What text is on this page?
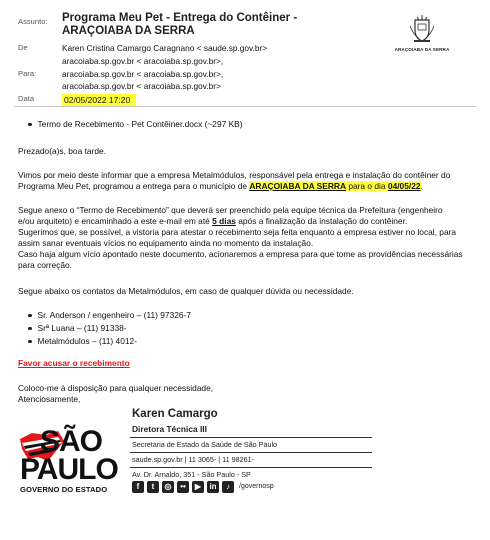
Assunto:	Programa Meu Pet - Entrega do Contêiner -
ARAÇOIABA DA SERRA
De	Karen Cristina Camargo Caragnano < saude.sp.gov.br>
aracoiaba.sp.gov.br < aracoiaba.sp.gov.br>,
Para:	aracoiaba.sp.gov.br < aracoiaba.sp.gov.br>,
aracoiaba.sp.gov.br < aracoiaba.sp.gov.br>
Data	02/05/2022 17:20
ARAÇOIABA DA SERRA
Termo de Recebimento - Pet Contêiner.docx (~297 KB)

Prezado(a)s, boa tarde.

Vimos por meio deste informar que a empresa Metalmódulos, responsável pela entrega e instalação do contêiner do

Programa Meu Pet, programou a entrega para o município de ARAÇOIABA DA SERRA para o dia 04/05/22.

Segue anexo o “Termo de Recebimento” que deverá ser preenchido pela equipe técnica da Prefeitura (engenheiro

e/ou arquiteto) e encaminhado a este e-mail em até 5 dias após a finalização da instalação do contêiner.

Sugerimos que, se possível, a vistoria para atestar o recebimento seja feita enquanto a empresa estiver no local, para

assim sanar eventuais vícios no equipamento ainda no momento da instalação.

Caso haja algum vício apontado neste documento, acionaremos a empresa para que tome as providências necessárias

para correção.

Segue abaixo os contatos da Metalmódulos, em caso de qualquer dúvida ou necessidade.

Sr. Anderson / engenheiro – (11) 97326-7
Srª Luana – (11) 91338-
Metalmódulos – (11) 4012-

Favor acusar o recebimento

Coloco-me à disposição para qualquer necessidade,

Atenciosamente,

SÃO
PAULO
GOVERNO DO ESTADO
Karen Camargo
Diretora Técnica III
Secretaria de Estado da Saúde de São Paulo
saude.sp.gov.br | 11 3065- | 11 98261-
Av. Dr. Arnaldo, 351 - São Paulo - SP
f	t	◎	••	▶	in	♪	/governosp
